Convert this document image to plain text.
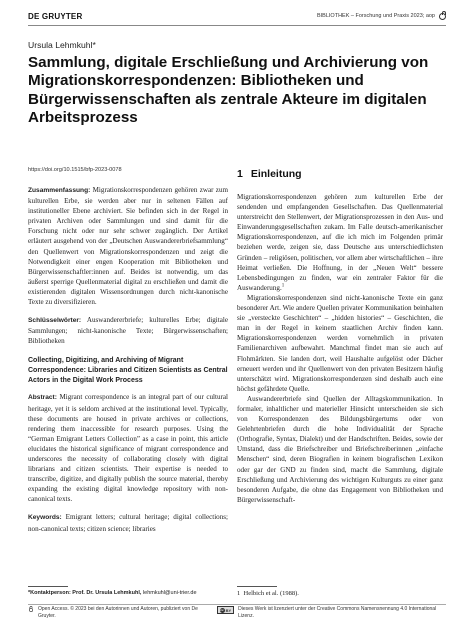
DE GRUYTER	BIBLIOTHEK – Forschung und Praxis 2023; aop
Ursula Lehmkuhl*
Sammlung, digitale Erschließung und Archivierung von Migrationskorrespondenzen: Bibliotheken und Bürgerwissenschaften als zentrale Akteure im digitalen Arbeitsprozess
https://doi.org/10.1515/bfp-2023-0078

Zusammenfassung: Migrationskorrespondenzen gehören zwar zum kulturellen Erbe, sie werden aber nur in seltenen Fällen auf institutioneller Ebene archiviert. Sie befinden sich in der Regel in privaten Archiven oder Sammlungen und sind damit für die Forschung nicht oder nur sehr schwer zugänglich. Der Artikel erläutert ausgehend von der „Deutschen Auswandererbriefsammlung“ den Quellenwert von Migrationskorrespondenzen und zeigt die Notwendigkeit einer engen Kooperation mit Bibliotheken und Bürgerwissenschaftler:innen auf. Beides ist notwendig, um das äußerst sperrige Quellenmaterial digital zu erschließen und damit die existierenden digitalen Wissensordnungen durch nicht-kanonische Texte zu diversifizieren.

Schlüsselwörter: Auswandererbriefe; kulturelles Erbe; digitale Sammlungen; nicht-kanonische Texte; Bürgerwissenschaften; Bibliotheken

Collecting, Digitizing, and Archiving of Migrant Correspondence: Libraries and Citizen Scientists as Central Actors in the Digital Work Process

Abstract: Migrant correspondence is an integral part of our cultural heritage, yet it is seldom archived at the institutional level. Typically, these documents are housed in private archives or collections, rendering them inaccessible for research purposes. Using the “German Emigrant Letters Collection” as a case in point, this article elucidates the historical significance of migrant correspondence and underscores the necessity of collaborating closely with digital librarians and citizen scientists. Their expertise is needed to transcribe, digitize, and digitally publish the source material, thereby expanding the existing digital knowledge repository with non-canonical texts.

Keywords: Emigrant letters; cultural heritage; digital collections; non-canonical texts; citizen science; libraries

1 Einleitung

Migrationskorrespondenzen gehören zum kulturellen Erbe der sendenden und empfangenden Gesellschaften. Das Quellenmaterial unterstreicht den Stellenwert, der Migrationsprozessen in den Aus- und Einwanderungsgesellschaften zukam. Im Falle deutsch-amerikanischer Migrationskorrespondenzen, auf die ich mich im Folgenden primär beziehen werde, zeigen sie, dass Deutsche aus unterschiedlichsten Gründen – religiösen, politischen, vor allem aber wirtschaftlichen – ihre Heimat verließen. Die Hoffnung, in der „Neuen Welt“ bessere Lebensbedingungen zu finden, war ein zentraler Faktor für die Auswanderung.$^1$

Migrationskorrespondenzen sind nicht-kanonische Texte ein ganz besonderer Art. Wie andere Quellen privater Kommunikation beinhalten sie „versteckte Geschichten“ – „hidden histories“ – Geschichten, die man in der Regel in keinem staatlichen Archiv finden kann. Migrationskorrespondenzen werden vornehmlich in privaten Familienarchiven aufbewahrt. Manchmal findet man sie auch auf Flohmärkten. Sie landen dort, weil Haushalte aufgelöst oder Dächer erneuert werden und ihr Quellenwert von den privaten Besitzern häufig unterschätzt wird. Migrationskorrespondenzen sind deshalb auch eine höchst gefährdete Quelle.

Auswandererbriefe sind Quellen der Alltagskommunikation. In formaler, inhaltlicher und materieller Hinsicht unterscheiden sie sich von Korrespondenzen des Bildungsbürgertums oder von Gelehrtenbriefen durch die hohe Individualität der Sprache (Orthografie, Syntax, Dialekt) und der Handschriften. Beides, sowie der Umstand, dass die Briefschreiber und Briefschreiberinnen „einfache Menschen“ sind, deren Biografien in keinem biografischen Lexikon oder gar der GND zu finden sind, macht die Sammlung, digitale Erschließung und Archivierung des wichtigen Kulturguts zu einer ganz besonderen Aufgabe, die ohne das Engagement von Bibliotheken und Bürgerwissenschaft-

*Kontaktperson: Prof. Dr. Ursula Lehmkuhl, lehmkuhl@uni-trier.de	1 Helbich et al. (1988).
Open Access. © 2023 bei den Autorinnen und Autoren, publiziert von De Gruyter.
cc BY Dieses Werk ist lizenziert unter der Creative Commons Namensnennung 4.0 International Lizenz.
